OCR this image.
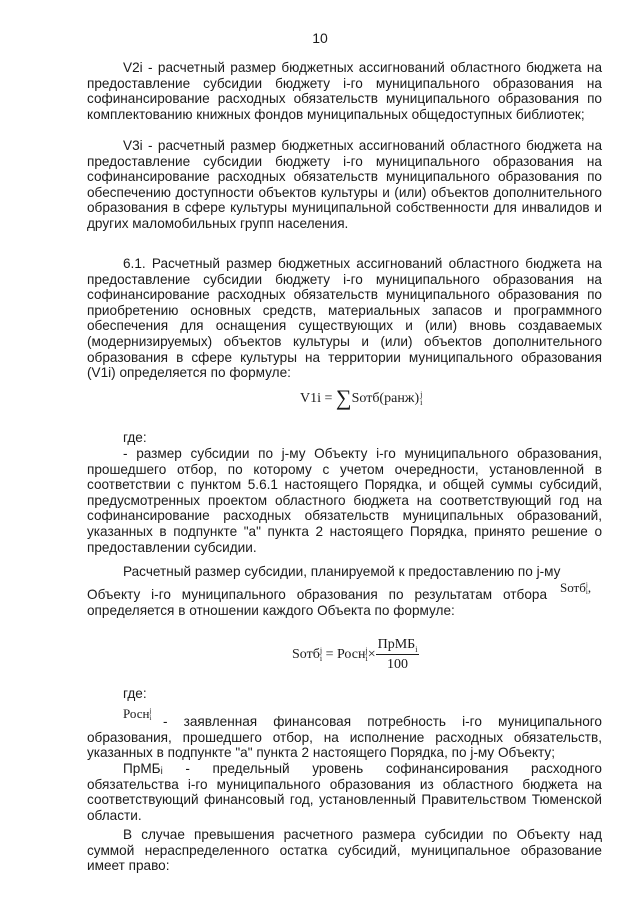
10
V2i - расчетный размер бюджетных ассигнований областного бюджета на предоставление субсидии бюджету i-го муниципального образования на софинансирование расходных обязательств муниципального образования по комплектованию книжных фондов муниципальных общедоступных библиотек;
V3i - расчетный размер бюджетных ассигнований областного бюджета на предоставление субсидии бюджету i-го муниципального образования на софинансирование расходных обязательств муниципального образования по обеспечению доступности объектов культуры и (или) объектов дополнительного образования в сфере культуры муниципальной собственности для инвалидов и других маломобильных групп населения.
6.1. Расчетный размер бюджетных ассигнований областного бюджета на предоставление субсидии бюджету i-го муниципального образования на софинансирование расходных обязательств муниципального образования по приобретению основных средств, материальных запасов и программного обеспечения для оснащения существующих и (или) вновь создаваемых (модернизируемых) объектов культуры и (или) объектов дополнительного образования в сфере культуры на территории муниципального образования (V1i) определяется по формуле:
V1i = ∑Sотб(ранж) j
i
где:
- размер субсидии по j-му Объекту i-го муниципального образования, прошедшего отбор, по которому с учетом очередности, установленной в соответствии с пунктом 5.6.1 настоящего Порядка, и общей суммы субсидий, предусмотренных проектом областного бюджета на соответствующий год на софинансирование расходных обязательств муниципальных образований, указанных в подпункте "а" пункта 2 настоящего Порядка, принято решение о предоставлении субсидии.
Расчетный размер субсидии, планируемой к предоставлению по j-му
Объекту i-го муниципального образования по результатам отбора Sотб j
i ,
определяется в отношении каждого Объекта по формуле:
Sотб j
i = Росн j
$i \times \frac{ПрМБ_i}{100}$
где:
Росн j
i - заявленная финансовая потребность i-го муниципального образования, прошедшего отбор, на исполнение расходных обязательств, указанных в подпункте "а" пункта 2 настоящего Порядка, по j-му Объекту;
ПрМБᵢ - предельный уровень софинансирования расходного обязательства i-го муниципального образования из областного бюджета на соответствующий финансовый год, установленный Правительством Тюменской области.
В случае превышения расчетного размера субсидии по Объекту над суммой нераспределенного остатка субсидий, муниципальное образование имеет право:
